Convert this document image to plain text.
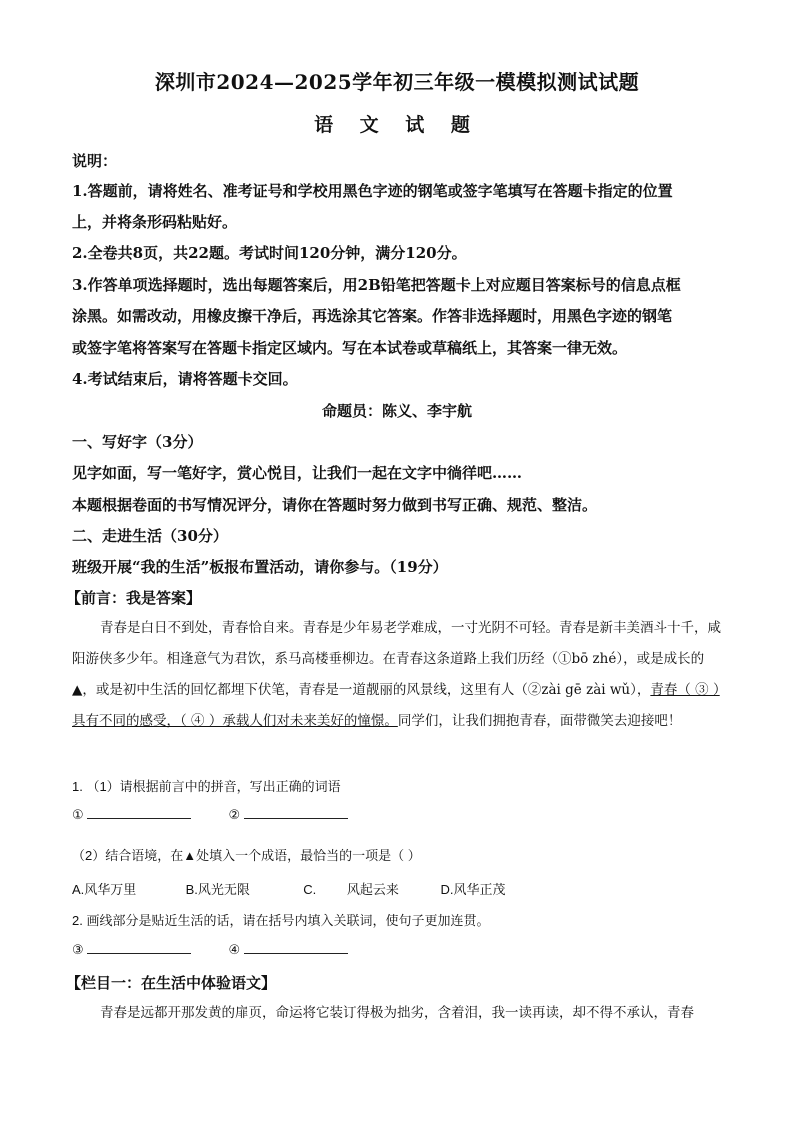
深圳市2024—2025学年初三年级一模模拟测试试题
语 文 试 题
说明：
1.答题前，请将姓名、准考证号和学校用黑色字迹的钢笔或签字笔填写在答题卡指定的位置
上，并将条形码粘贴好。
2.全卷共8页，共22题。考试时间120分钟，满分120分。
3.作答单项选择题时，选出每题答案后，用2B铅笔把答题卡上对应题目答案标号的信息点框
涂黑。如需改动，用橡皮擦干净后，再选涂其它答案。作答非选择题时，用黑色字迹的钢笔
或签字笔将答案写在答题卡指定区域内。写在本试卷或草稿纸上，其答案一律无效。
4.考试结束后，请将答题卡交回。
命题员：陈义、李宇航
一、写好字（3分）
见字如面，写一笔好字，赏心悦目，让我们一起在文字中徜徉吧……
本题根据卷面的书写情况评分，请你在答题时努力做到书写正确、规范、整洁。
二、走进生活（30分）
班级开展“我的生活”板报布置活动，请你参与。（19分）
【前言：我是答案】
青春是白日不到处，青春恰自来。青春是少年易老学难成，一寸光阴不可轻。青春是新丰美酒斗十千，咸阳游侠多少年。相逢意气为君饮，系马高楼垂柳边。在青春这条道路上我们历经（①bō zhé），或是成长的▲，或是初中生活的回忆都埋下伏笔，青春是一道靓丽的风景线，这里有人（②zài gē zài wǔ），青春（ ③ ）具有不同的感受，（ ④ ）承载人们对未来美好的憧憬。同学们，让我们拥抱青春，面带微笑去迎接吧！
1. （1）请根据前言中的拼音，写出正确的词语
①	②
（2）结合语境，在▲处填入一个成语，最恰当的一项是（ ）
A.风华万里	B.风光无限	C. 风起云来	D.风华正茂
2. 画线部分是贴近生活的话，请在括号内填入关联词，使句子更加连贯。
③	④
【栏目一：在生活中体验语文】
青春是远都开那发黄的扉页，命运将它装订得极为拙劣，含着泪，我一读再读，却不得不承认，青春
